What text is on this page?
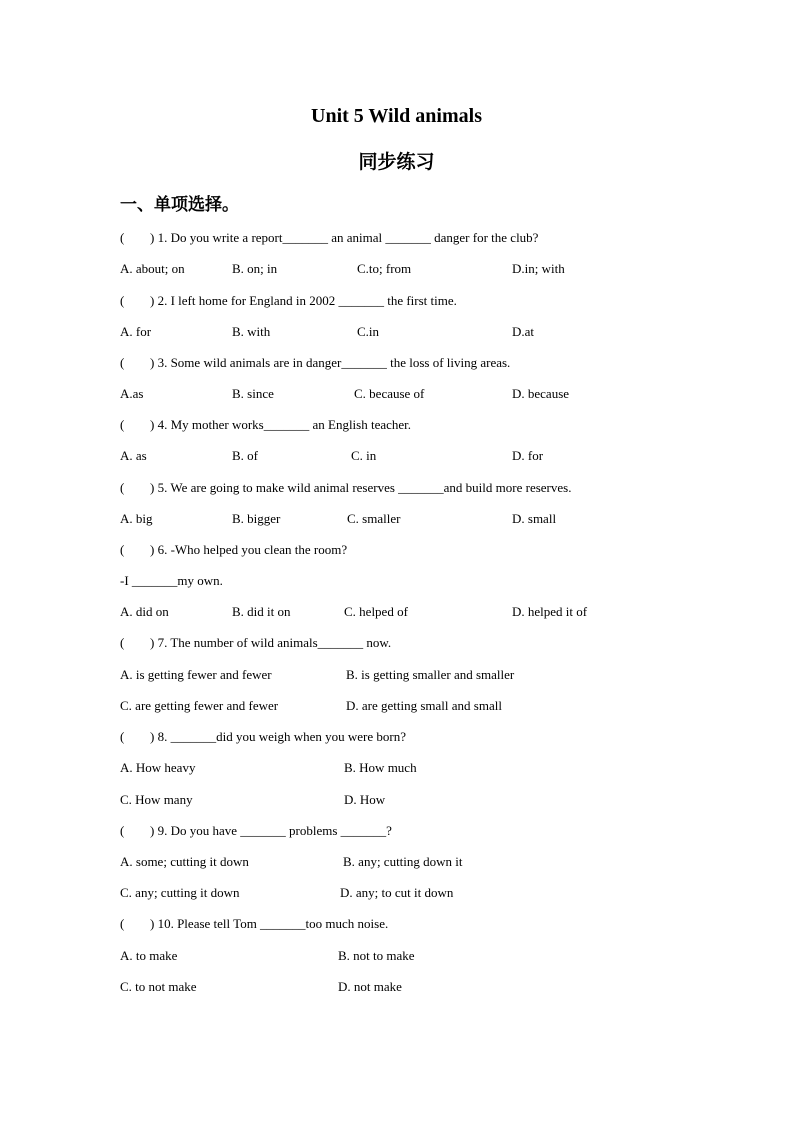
Unit 5 Wild animals
同步练习
一、单项选择。
( ) 1. Do you write a report_______ an animal _______ danger for the club?
A. about; on	B. on; in	C.to; from	D.in; with
( ) 2. I left home for England in 2002 _______ the first time.
A. for	B. with	C.in	D.at
( ) 3. Some wild animals are in danger_______ the loss of living areas.
A.as	B. since	C. because of	D. because
( ) 4. My mother works_______ an English teacher.
A. as	B. of	C. in	D. for
( ) 5. We are going to make wild animal reserves _______and build more reserves.
A. big	B. bigger	C. smaller	D. small
( ) 6. -Who helped you clean the room?
-I _______my own.
A. did on	B. did it on	C. helped of	D. helped it of
( ) 7. The number of wild animals_______ now.
A. is getting fewer and fewer	B. is getting smaller and smaller
C. are getting fewer and fewer	D. are getting small and small
( ) 8. _______did you weigh when you were born?
A. How heavy	B. How much
C. How many	D. How
( ) 9. Do you have _______ problems _______?
A. some; cutting it down	B. any; cutting down it
C. any; cutting it down	D. any; to cut it down
( ) 10. Please tell Tom _______too much noise.
A. to make	B. not to make
C. to not make	D. not make
